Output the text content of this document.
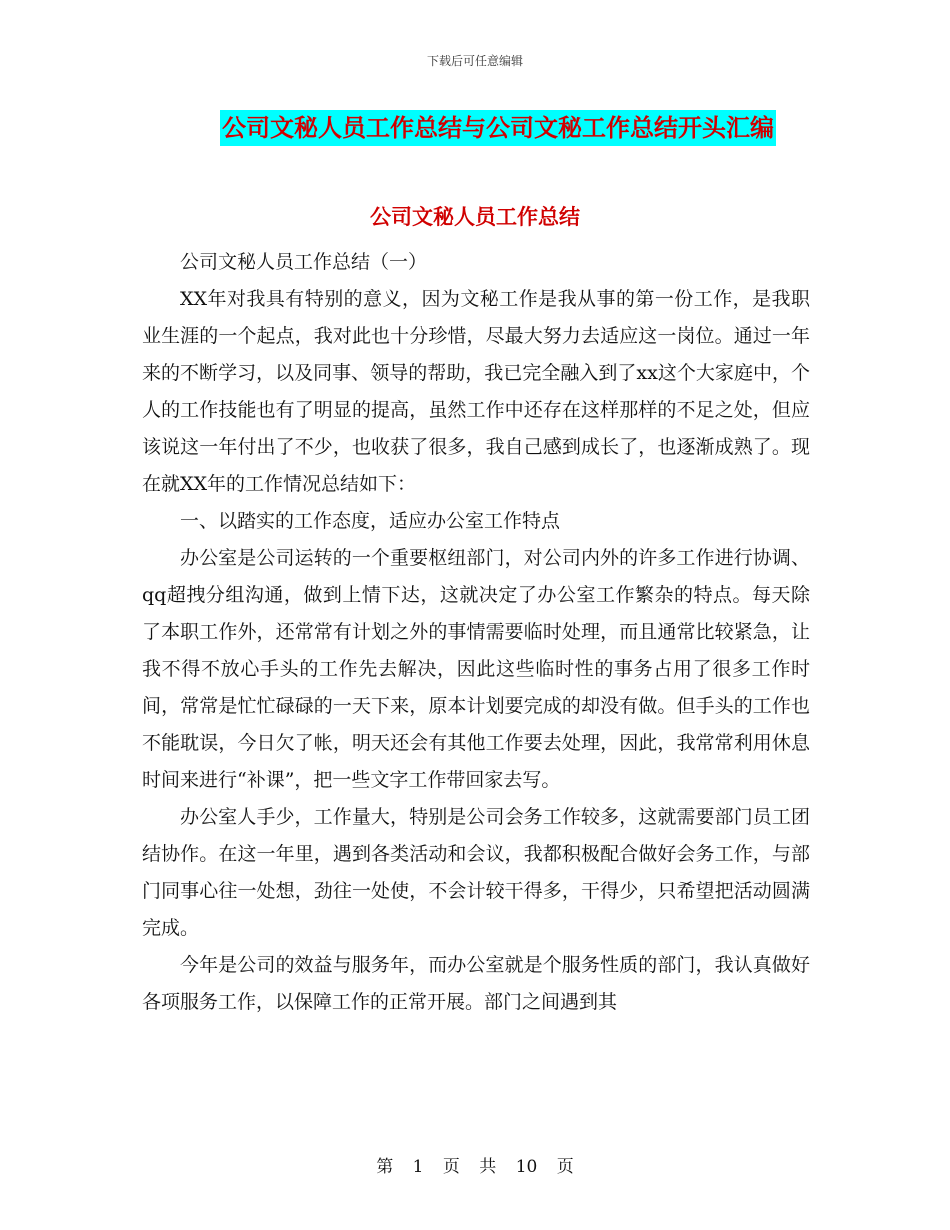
下载后可任意编辑
公司文秘人员工作总结与公司文秘工作总结开头汇编
公司文秘人员工作总结

公司文秘人员工作总结（一）

XX年对我具有特别的意义，因为文秘工作是我从事的第一份工作，是我职业生涯的一个起点，我对此也十分珍惜，尽最大努力去适应这一岗位。通过一年来的不断学习，以及同事、领导的帮助，我已完全融入到了xx这个大家庭中，个人的工作技能也有了明显的提高，虽然工作中还存在这样那样的不足之处，但应该说这一年付出了不少，也收获了很多，我自己感到成长了，也逐渐成熟了。现在就XX年的工作情况总结如下：

一、以踏实的工作态度，适应办公室工作特点

办公室是公司运转的一个重要枢纽部门，对公司内外的许多工作进行协调、qq超拽分组沟通，做到上情下达，这就决定了办公室工作繁杂的特点。每天除了本职工作外，还常常有计划之外的事情需要临时处理，而且通常比较紧急，让我不得不放心手头的工作先去解决，因此这些临时性的事务占用了很多工作时间，常常是忙忙碌碌的一天下来，原本计划要完成的却没有做。但手头的工作也不能耽误，今日欠了帐，明天还会有其他工作要去处理，因此，我常常利用休息时间来进行“补课”，把一些文字工作带回家去写。

办公室人手少，工作量大，特别是公司会务工作较多，这就需要部门员工团结协作。在这一年里，遇到各类活动和会议，我都积极配合做好会务工作，与部门同事心往一处想，劲往一处使，不会计较干得多，干得少，只希望把活动圆满完成。

今年是公司的效益与服务年，而办公室就是个服务性质的部门，我认真做好各项服务工作，以保障工作的正常开展。部门之间遇到其

第 1 页 共 10 页
